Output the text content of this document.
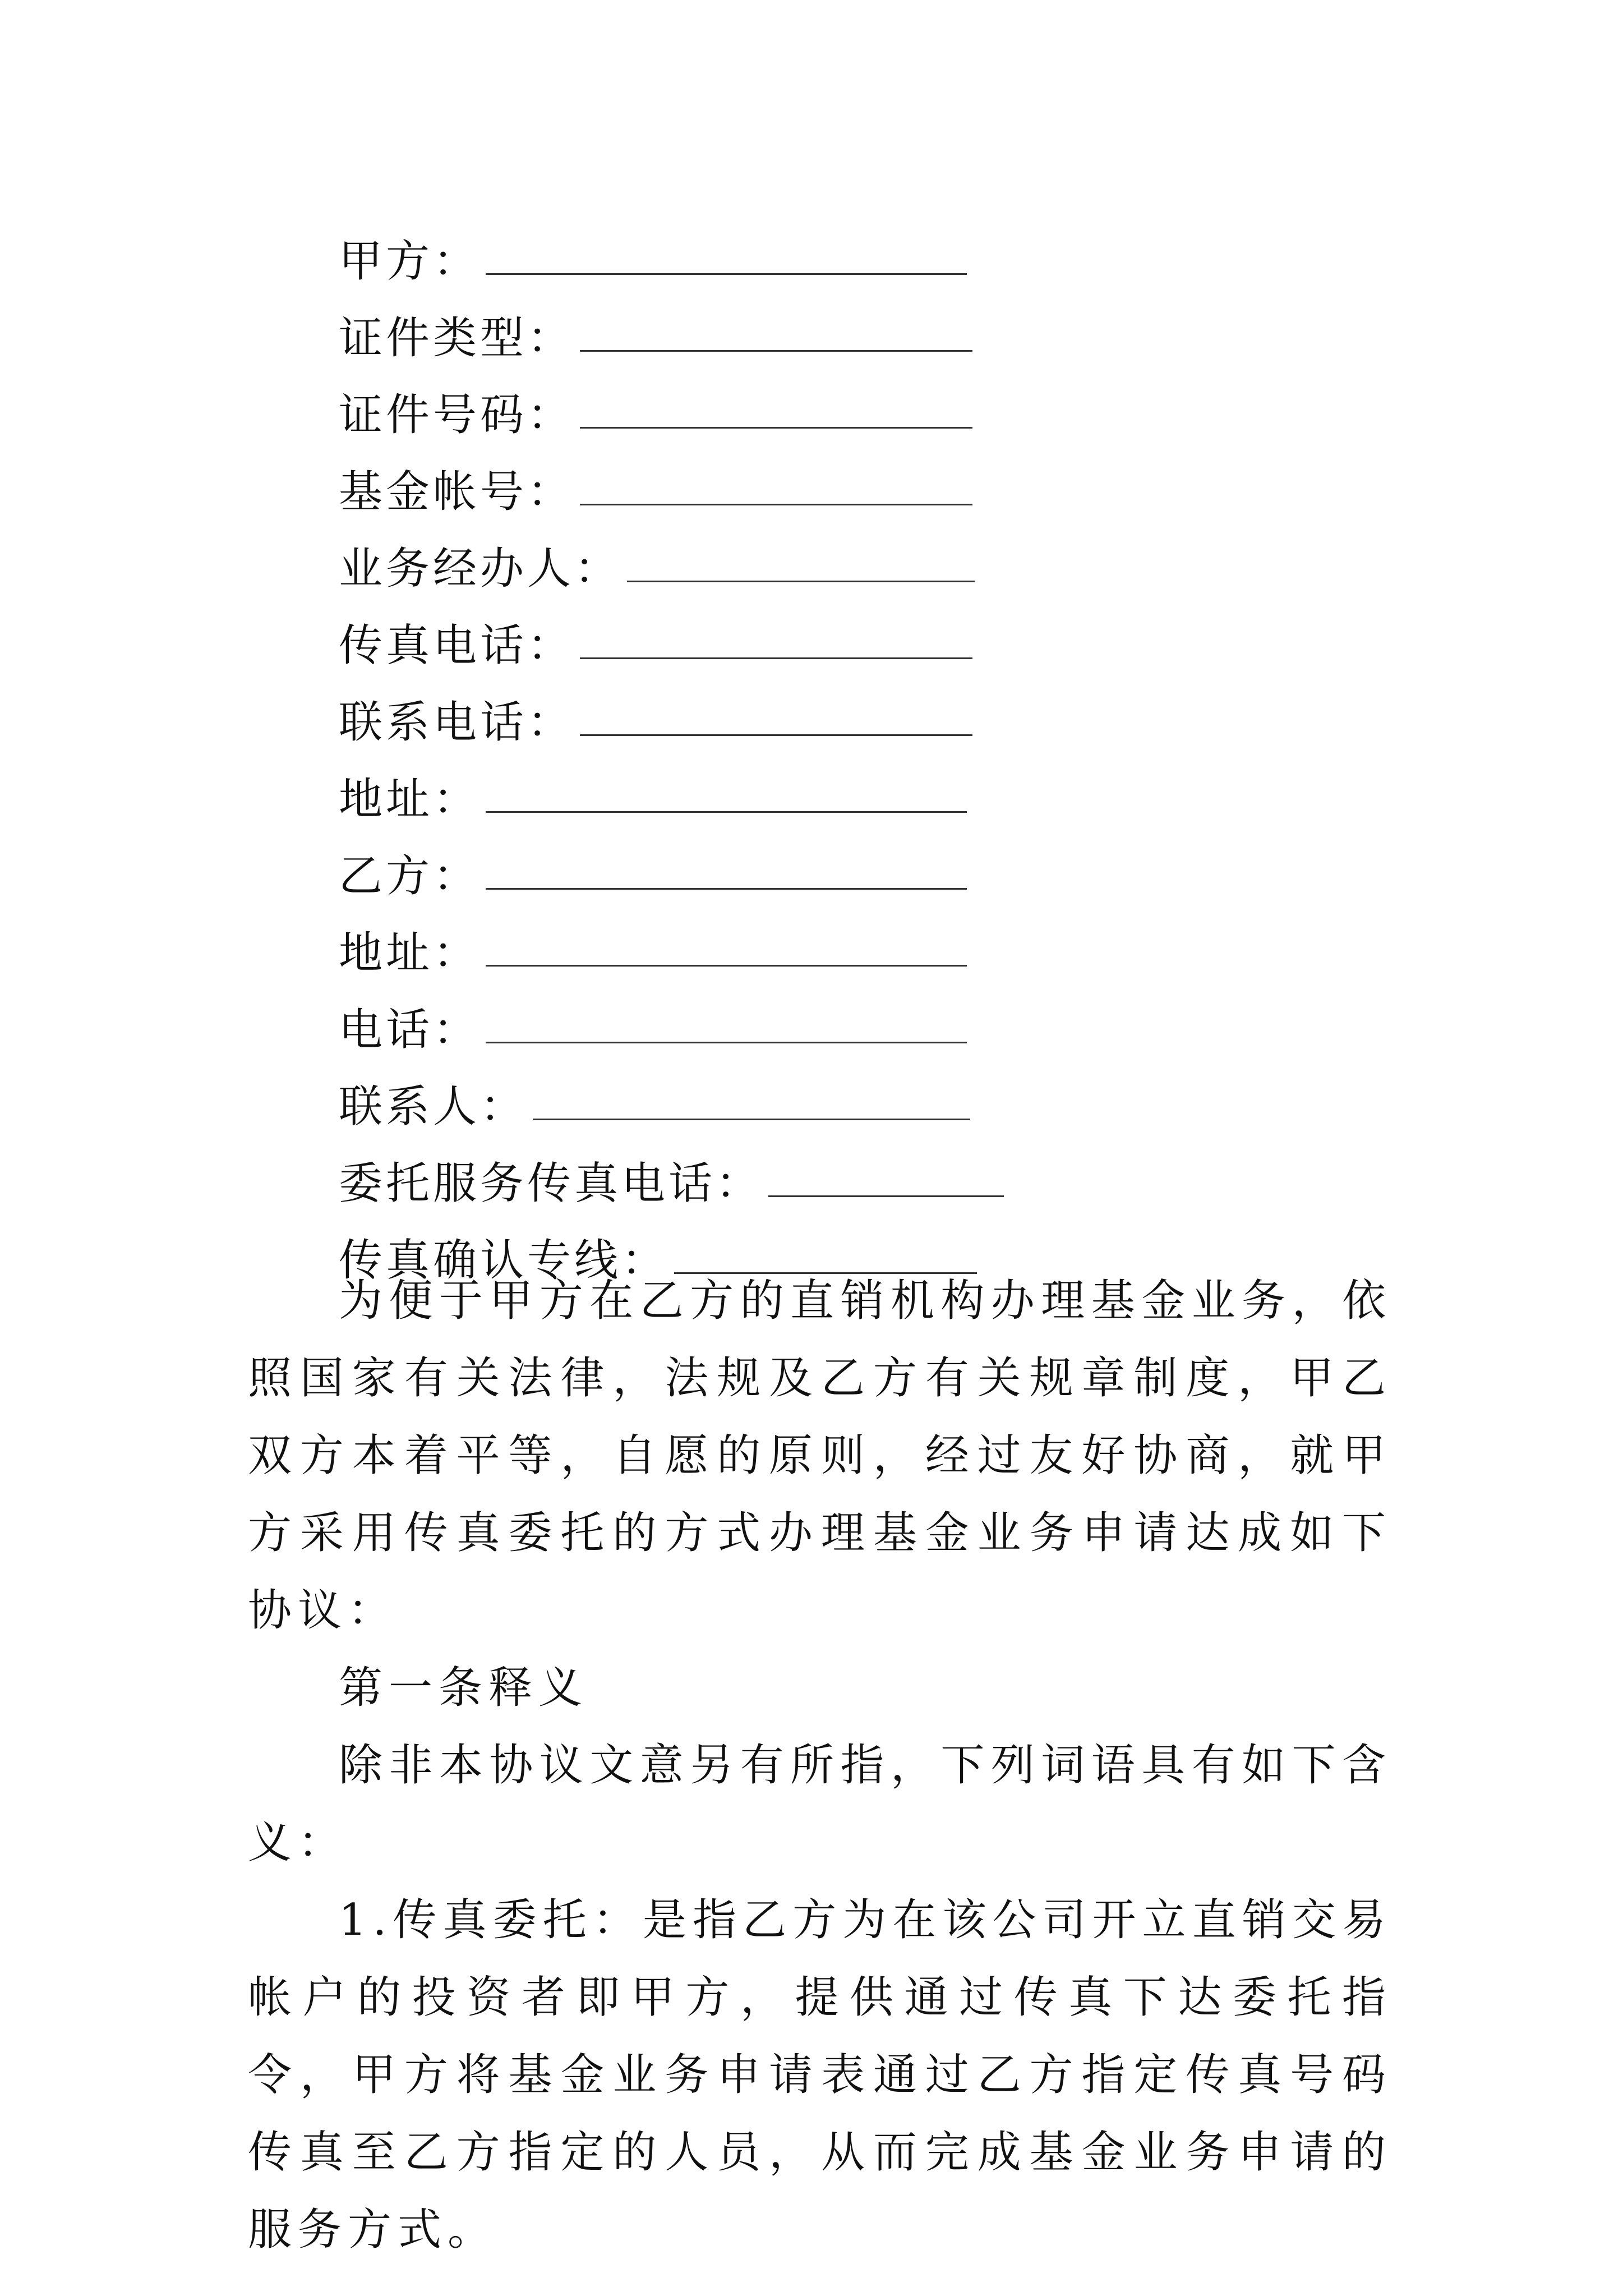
甲方：
证件类型：
证件号码：
基金帐号：
业务经办人：
传真电话：
联系电话：
地址：
乙方：
地址：
电话：
联系人：
委托服务传真电话：
传真确认专线：

为便于甲方在乙方的直销机构办理基金业务，依照国家有关法律，法规及乙方有关规章制度，甲乙双方本着平等，自愿的原则，经过友好协商，就甲方采用传真委托的方式办理基金业务申请达成如下协议：

第一条释义

除非本协议文意另有所指，下列词语具有如下含义：

1.传真委托：是指乙方为在该公司开立直销交易帐户的投资者即甲方，提供通过传真下达委托指令，甲方将基金业务申请表通过乙方指定传真号码传真至乙方指定的人员，从而完成基金业务申请的服务方式。
